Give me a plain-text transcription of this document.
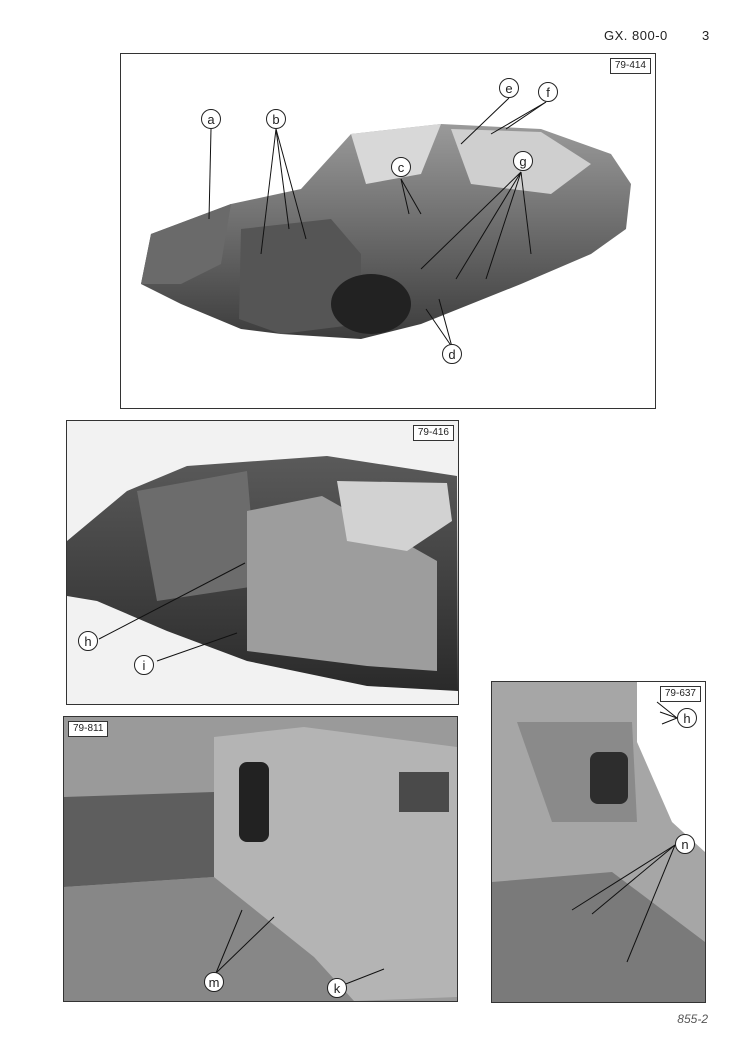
GX. 800-0	3
79-414
a	b
c
d
e	f
g
79-416
h
i
79-811
m	k
79-637
h
n
855-2
